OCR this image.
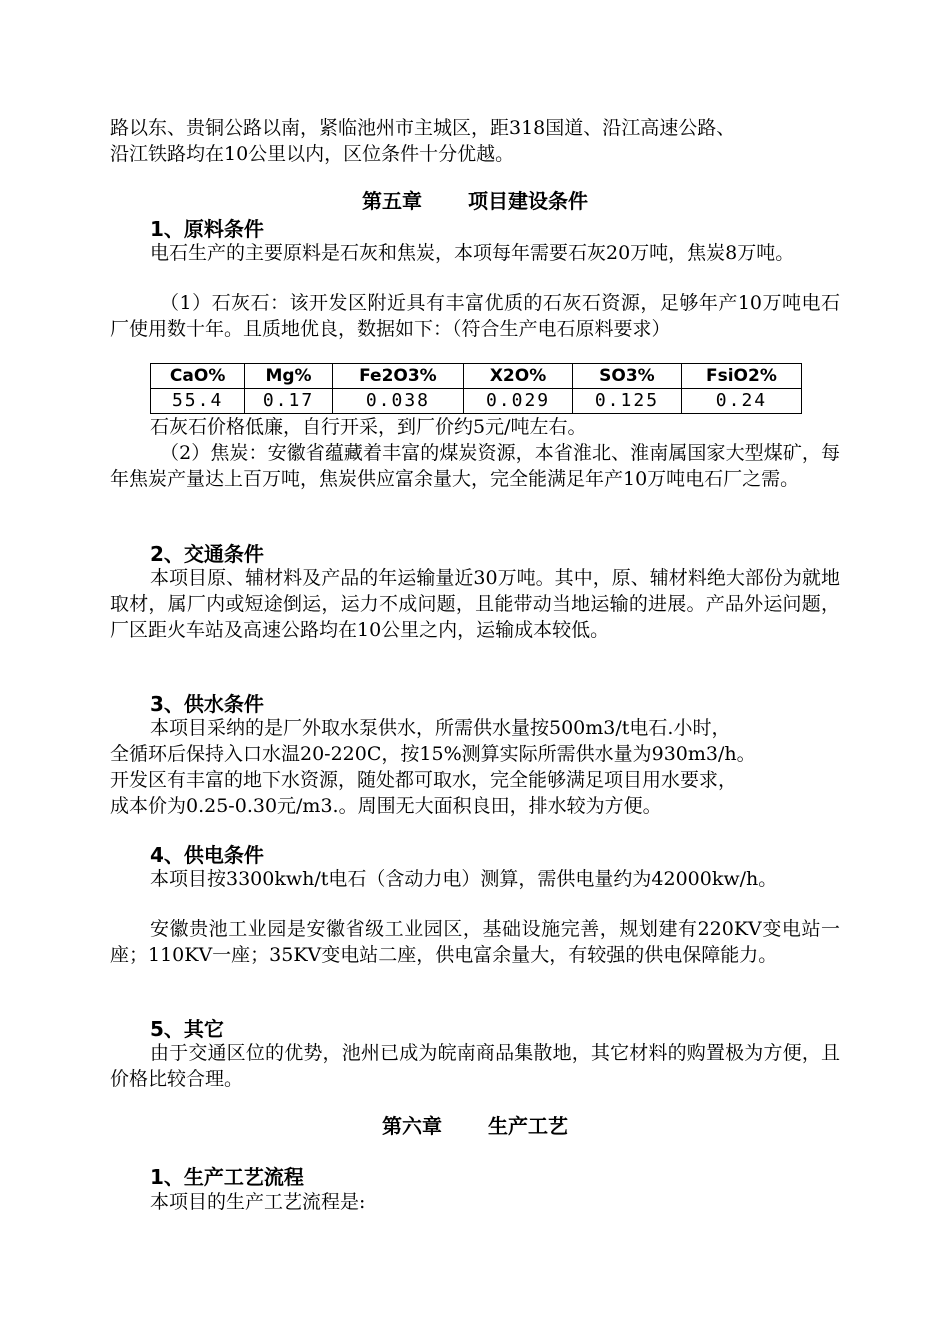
路以东、贵铜公路以南，紧临池州市主城区，距318国道、沿江高速公路、

沿江铁路均在10公里以内，区位条件十分优越。

第五章 项目建设条件
1、原料条件

电石生产的主要原料是石灰和焦炭，本项每年需要石灰20万吨，焦炭8万吨。

（1）石灰石：该开发区附近具有丰富优质的石灰石资源，足够年产10万吨电石厂使用数十年。且质地优良，数据如下：（符合生产电石原料要求）

CaO%	Mg%	Fe2O3%	X2O%	SO3%	FsiO2%
55.4	0.17	0.038	0.029	0.125	0.24

石灰石价格低廉，自行开采，到厂价约5元/吨左右。

（2）焦炭：安徽省蕴藏着丰富的煤炭资源，本省淮北、淮南属国家大型煤矿，每年焦炭产量达上百万吨，焦炭供应富余量大，完全能满足年产10万吨电石厂之需。

2、交通条件

本项目原、辅材料及产品的年运输量近30万吨。其中，原、辅材料绝大部份为就地取材，属厂内或短途倒运，运力不成问题，且能带动当地运输的进展。产品外运问题，厂区距火车站及高速公路均在10公里之内，运输成本较低。

3、供水条件

本项目采纳的是厂外取水泵供水，所需供水量按500m3/t电石.小时，

全循环后保持入口水温20-220C，按15%测算实际所需供水量为930m3/h。

开发区有丰富的地下水资源，随处都可取水，完全能够满足项目用水要求，

成本价为0.25-0.30元/m3.。周围无大面积良田，排水较为方便。

4、供电条件

本项目按3300kwh/t电石（含动力电）测算，需供电量约为42000kw/h。

安徽贵池工业园是安徽省级工业园区，基础设施完善，规划建有220KV变电站一座；110KV一座；35KV变电站二座，供电富余量大，有较强的供电保障能力。

5、其它

由于交通区位的优势，池州已成为皖南商品集散地，其它材料的购置极为方便，且价格比较合理。

第六章 生产工艺
1、生产工艺流程

本项目的生产工艺流程是:
